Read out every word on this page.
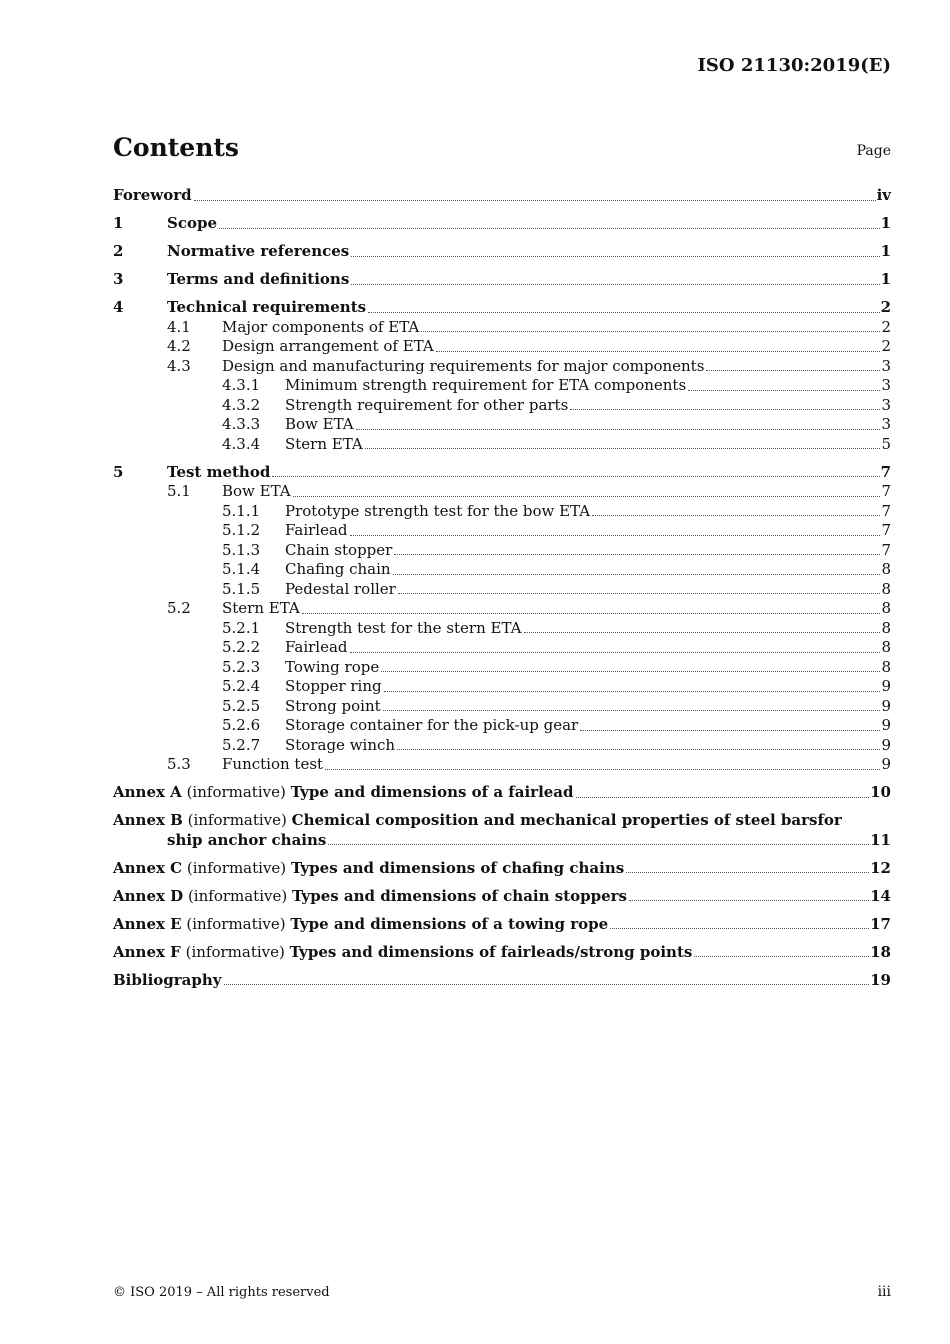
ISO 21130:2019(E)
Contents	Page
Foreword	iv
1	Scope	1
2	Normative references	1
3	Terms and definitions	1
4	Technical requirements	2
4.1	Major components of ETA	2
4.2	Design arrangement of ETA	2
4.3	Design and manufacturing requirements for major components	3
4.3.1	Minimum strength requirement for ETA components	3
4.3.2	Strength requirement for other parts	3
4.3.3	Bow ETA	3
4.3.4	Stern ETA	5
5	Test method	7
5.1	Bow ETA	7
5.1.1	Prototype strength test for the bow ETA	7
5.1.2	Fairlead	7
5.1.3	Chain stopper	7
5.1.4	Chafing chain	8
5.1.5	Pedestal roller	8
5.2	Stern ETA	8
5.2.1	Strength test for the stern ETA	8
5.2.2	Fairlead	8
5.2.3	Towing rope	8
5.2.4	Stopper ring	9
5.2.5	Strong point	9
5.2.6	Storage container for the pick-up gear	9
5.2.7	Storage winch	9
5.3	Function test	9
Annex A (informative) Type and dimensions of a fairlead	10
Annex B (informative) Chemical composition and mechanical properties of steel barsfor
ship anchor chains	11
Annex C (informative) Types and dimensions of chafing chains	12
Annex D (informative) Types and dimensions of chain stoppers	14
Annex E (informative) Type and dimensions of a towing rope	17
Annex F (informative) Types and dimensions of fairleads/strong points	18
Bibliography	19
© ISO 2019 – All rights reserved	iii
